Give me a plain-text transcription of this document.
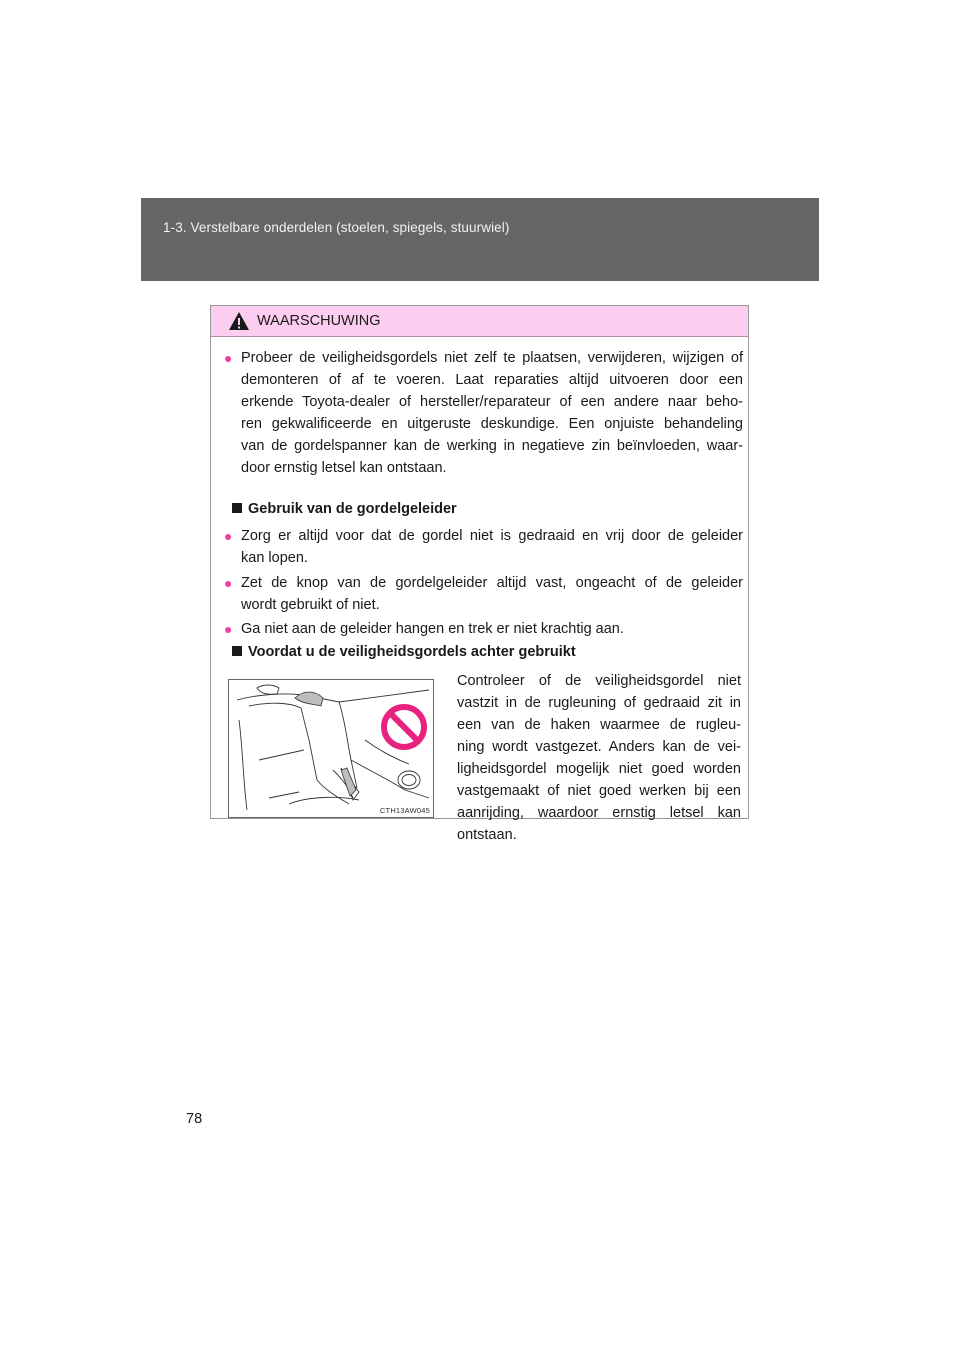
1-3. Verstelbare onderdelen (stoelen, spiegels, stuurwiel)
WAARSCHUWING
● Probeer de veiligheidsgordels niet zelf te plaatsen, verwijderen, wijzigen of
demonteren of af te voeren. Laat reparaties altijd uitvoeren door een
erkende Toyota-dealer of hersteller/reparateur of een andere naar beho-
ren gekwalificeerde en uitgeruste deskundige. Een onjuiste behandeling
van de gordelspanner kan de werking in negatieve zin beïnvloeden, waar-
door ernstig letsel kan ontstaan.
Gebruik van de gordelgeleider
● Zorg er altijd voor dat de gordel niet is gedraaid en vrij door de geleider
kan lopen.
● Zet de knop van de gordelgeleider altijd vast, ongeacht of de geleider
wordt gebruikt of niet.
● Ga niet aan de geleider hangen en trek er niet krachtig aan.
Voordat u de veiligheidsgordels achter gebruikt
CTH13AW045
Controleer of de veiligheidsgordel niet
vastzit in de rugleuning of gedraaid zit in
een van de haken waarmee de rugleu-
ning wordt vastgezet. Anders kan de vei-
ligheidsgordel mogelijk niet goed worden
vastgemaakt of niet goed werken bij een
aanrijding, waardoor ernstig letsel kan
ontstaan.
78
